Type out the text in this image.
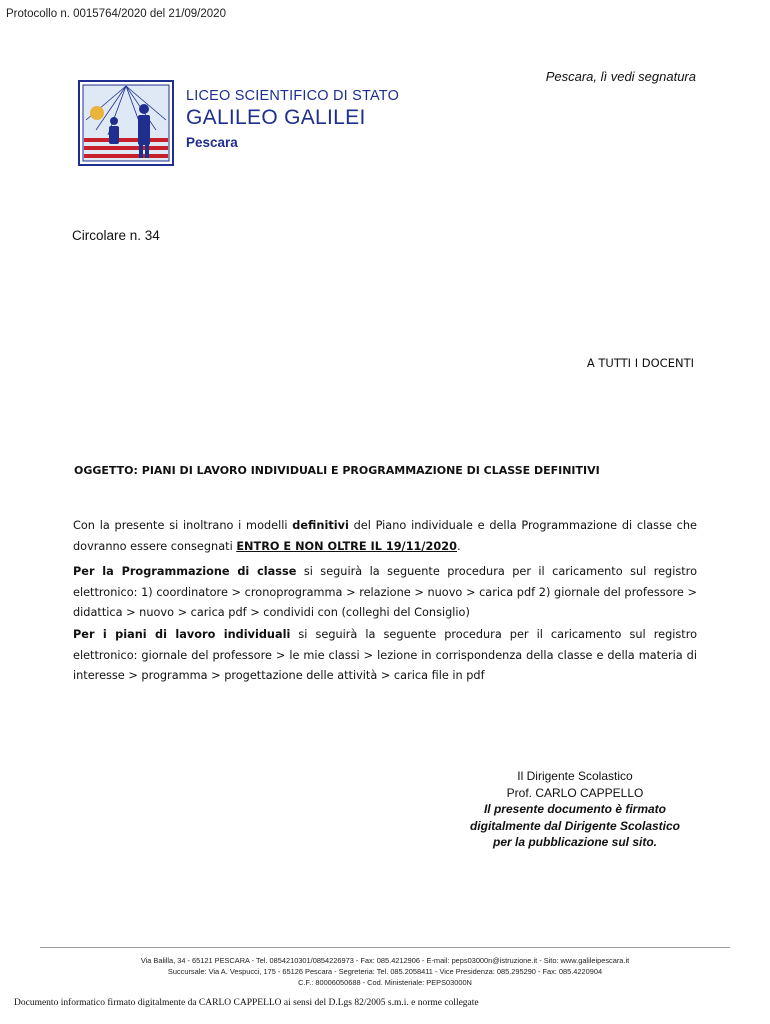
Protocollo n. 0015764/2020 del 21/09/2020
Pescara, lì vedi segnatura
LICEO SCIENTIFICO DI STATO
GALILEO GALILEI
Pescara
Circolare n. 34
A TUTTI I DOCENTI
OGGETTO: PIANI DI LAVORO INDIVIDUALI E PROGRAMMAZIONE DI CLASSE DEFINITIVI
Con la presente si inoltrano i modelli definitivi del Piano individuale e della Programmazione di classe che dovranno essere consegnati ENTRO E NON OLTRE IL 19/11/2020.
Per la Programmazione di classe si seguirà la seguente procedura per il caricamento sul registro elettronico: 1) coordinatore > cronoprogramma > relazione > nuovo > carica pdf 2) giornale del professore > didattica > nuovo > carica pdf > condividi con (colleghi del Consiglio)
Per i piani di lavoro individuali si seguirà la seguente procedura per il caricamento sul registro elettronico: giornale del professore > le mie classi > lezione in corrispondenza della classe e della materia di interesse > programma > progettazione delle attività > carica file in pdf
Il Dirigente Scolastico
Prof. CARLO CAPPELLO
Il presente documento è firmato
digitalmente dal Dirigente Scolastico
per la pubblicazione sul sito.
Via Balilla, 34 - 65121 PESCARA - Tel. 0854210301/0854226973 - Fax: 085.4212906 - E-mail: peps03000n@istruzione.it - Sito: www.galileipescara.it
Succursale: Via A. Vespucci, 175 - 65126 Pescara - Segreteria: Tel. 085.2058411 - Vice Presidenza: 085.295290 - Fax: 085.4220904
C.F.: 80006050688 - Cod. Ministeriale: PEPS03000N
Documento informatico firmato digitalmente da CARLO CAPPELLO ai sensi del D.Lgs 82/2005 s.m.i. e norme collegate
